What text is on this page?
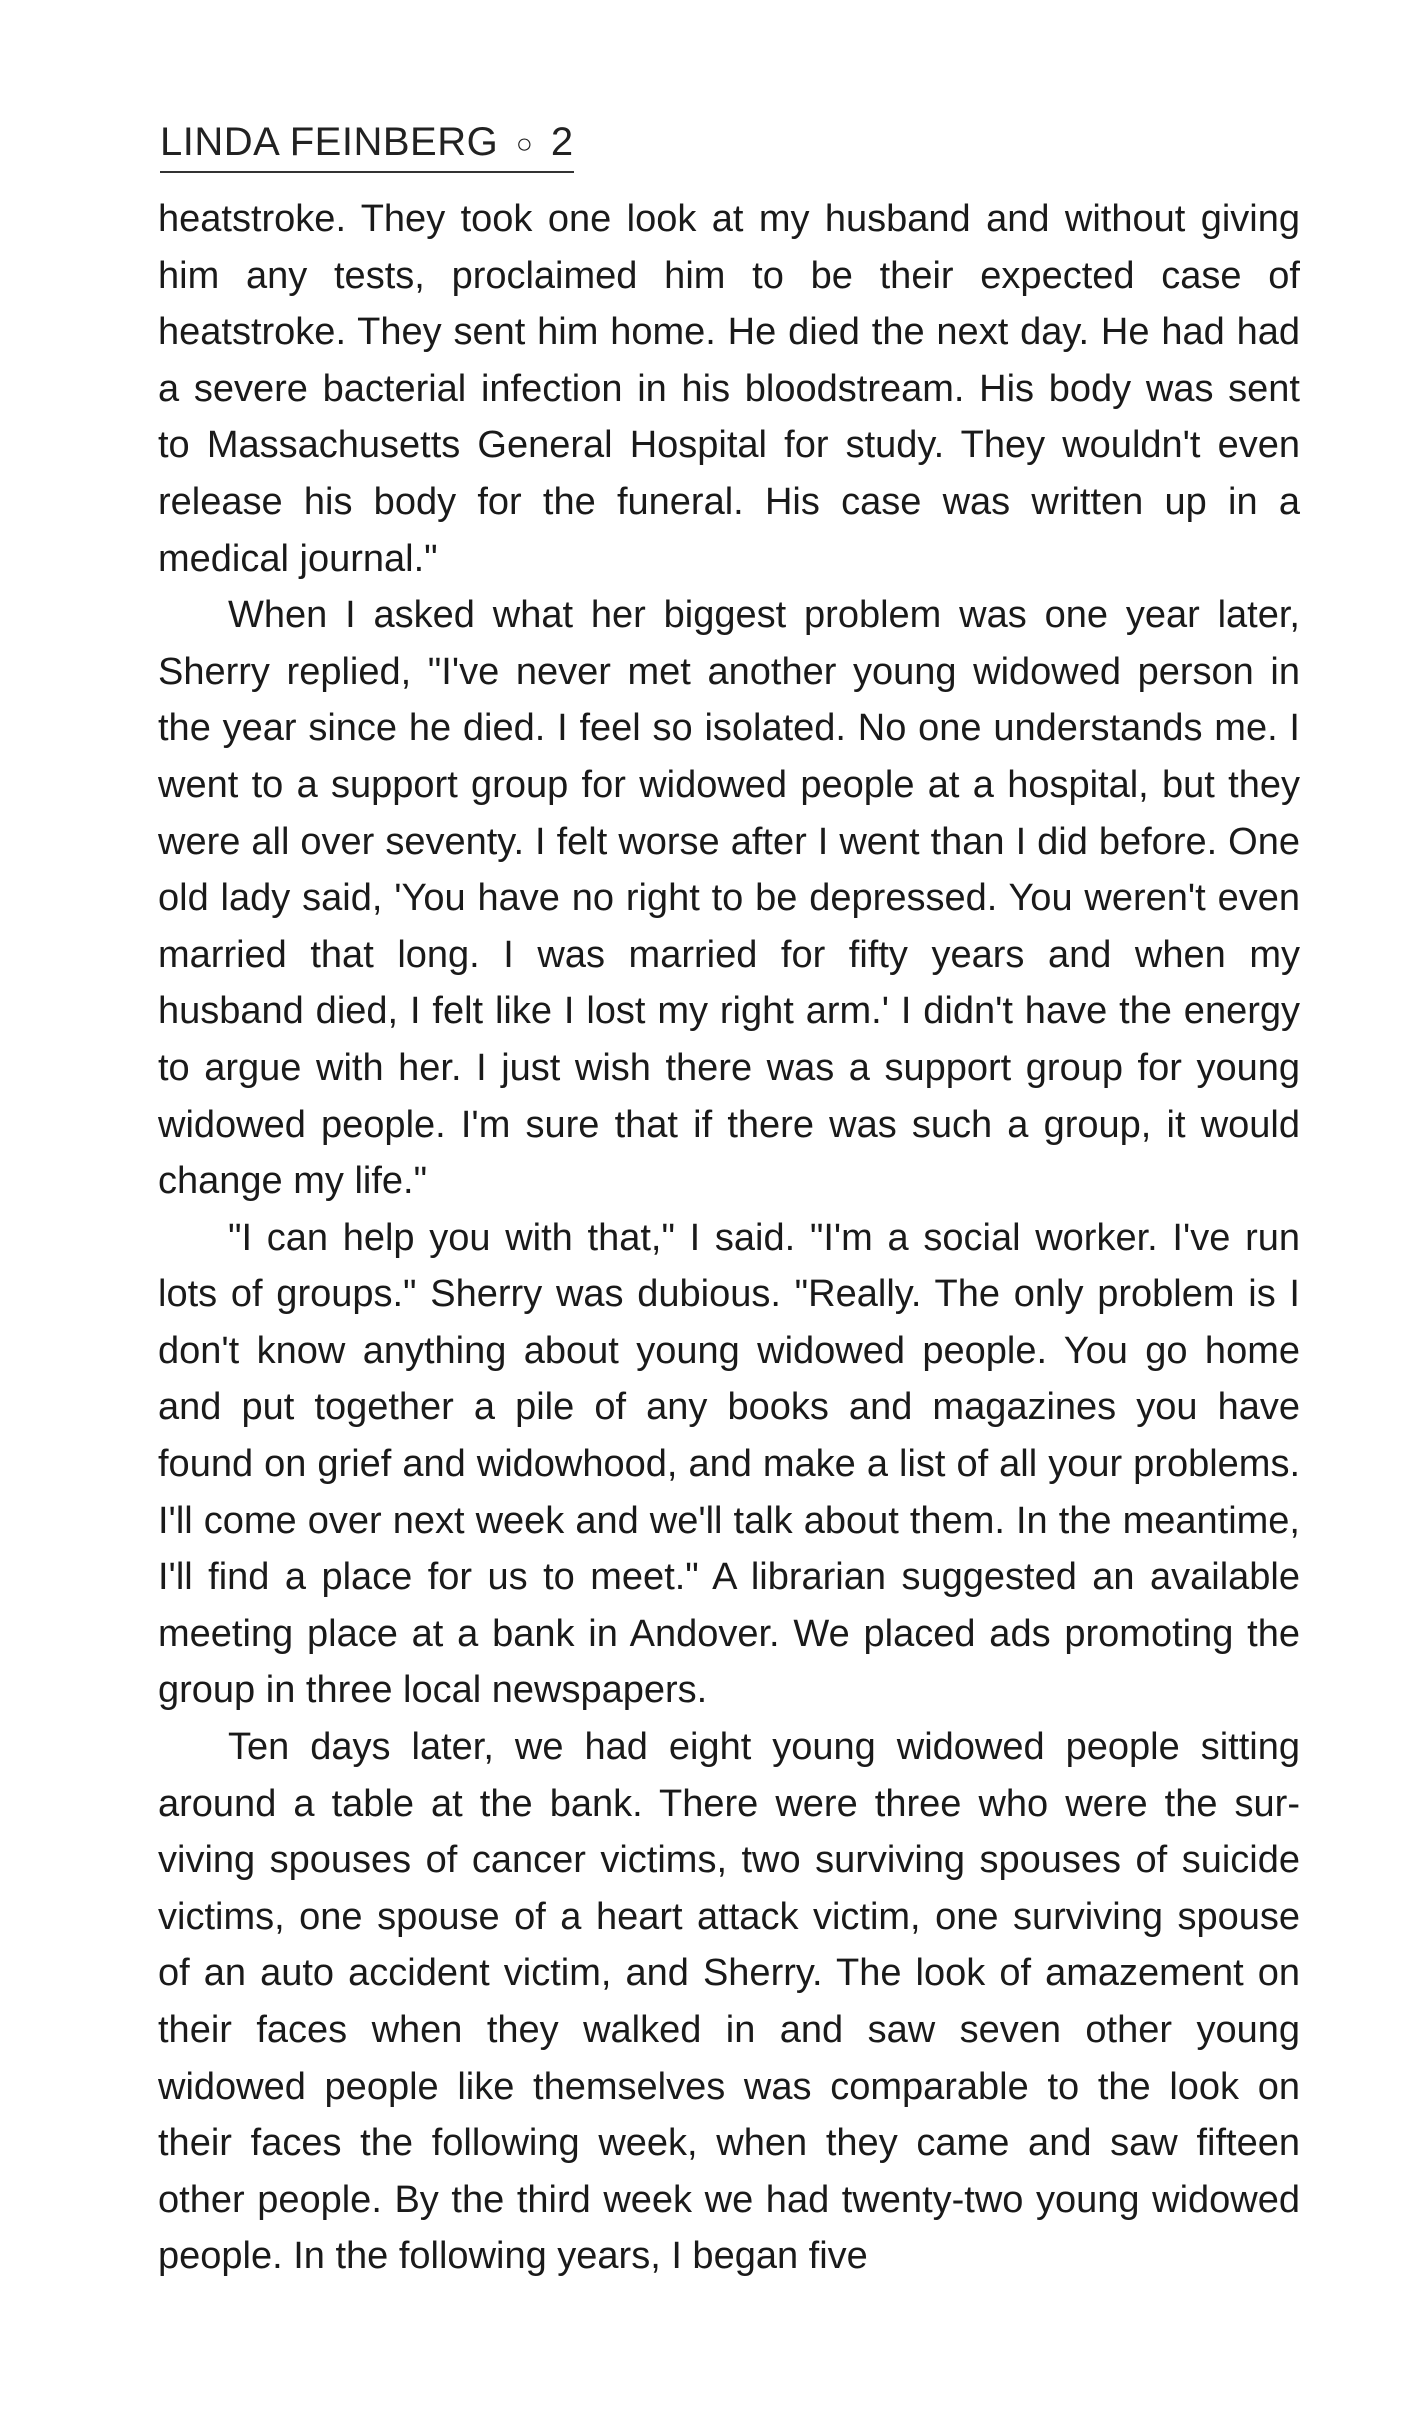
LINDA FEINBERG ○ 2

heatstroke. They took one look at my husband and without giving him any tests, proclaimed him to be their expected case of heatstroke. They sent him home. He died the next day. He had had a severe bacterial infection in his bloodstream. His body was sent to Massachusetts General Hospital for study. They wouldn't even release his body for the funeral. His case was written up in a medical journal."

When I asked what her biggest problem was one year later, Sherry replied, "I've never met another young widowed person in the year since he died. I feel so isolated. No one understands me. I went to a support group for widowed people at a hospital, but they were all over seventy. I felt worse after I went than I did before. One old lady said, 'You have no right to be depressed. You weren't even married that long. I was married for fifty years and when my husband died, I felt like I lost my right arm.' I didn't have the energy to argue with her. I just wish there was a support group for young widowed people. I'm sure that if there was such a group, it would change my life."

"I can help you with that," I said. "I'm a social worker. I've run lots of groups." Sherry was dubious. "Really. The only problem is I don't know anything about young widowed people. You go home and put together a pile of any books and magazines you have found on grief and widowhood, and make a list of all your problems. I'll come over next week and we'll talk about them. In the meantime, I'll find a place for us to meet." A librarian suggested an available meeting place at a bank in Andover. We placed ads promoting the group in three local newspapers.

Ten days later, we had eight young widowed people sitting around a table at the bank. There were three who were the surviving spouses of cancer victims, two surviving spouses of suicide victims, one spouse of a heart attack victim, one surviving spouse of an auto accident victim, and Sherry. The look of amazement on their faces when they walked in and saw seven other young widowed people like themselves was comparable to the look on their faces the following week, when they came and saw fifteen other people. By the third week we had twenty-two young widowed people. In the following years, I began five
